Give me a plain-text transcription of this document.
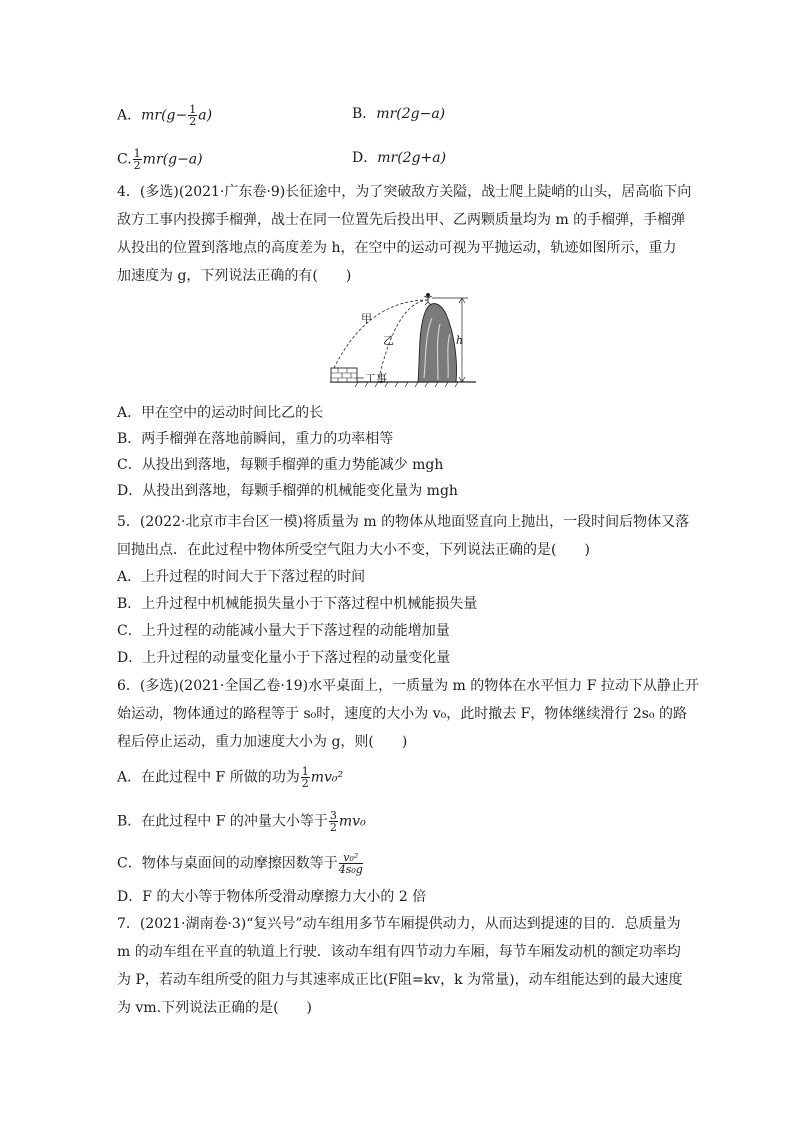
A．$mr(g- \frac{1}{2} a)$	B．mr(2g−a)
C. $\frac{1}{2} mr(g-a)$	D．mr(2g+a)
4．(多选)(2021·广东卷·9)长征途中，为了突破敌方关隘，战士爬上陡峭的山头，居高临下向
敌方工事内投掷手榴弹，战士在同一位置先后投出甲、乙两颗质量均为 m 的手榴弹，手榴弹
从投出的位置到落地点的高度差为 h，在空中的运动可视为平抛运动，轨迹如图所示，重力
加速度为 g，下列说法正确的有(　　)
h
甲
乙
工事
A．甲在空中的运动时间比乙的长
B．两手榴弹在落地前瞬间，重力的功率相等
C．从投出到落地，每颗手榴弹的重力势能减少 mgh
D．从投出到落地，每颗手榴弹的机械能变化量为 mgh
5．(2022·北京市丰台区一模)将质量为 m 的物体从地面竖直向上抛出，一段时间后物体又落
回抛出点．在此过程中物体所受空气阻力大小不变，下列说法正确的是(　　)
A．上升过程的时间大于下落过程的时间
B．上升过程中机械能损失量小于下落过程中机械能损失量
C．上升过程的动能减小量大于下落过程的动能增加量
D．上升过程的动量变化量小于下落过程的动量变化量
6．(多选)(2021·全国乙卷·19)水平桌面上，一质量为 m 的物体在水平恒力 F 拉动下从静止开
始运动，物体通过的路程等于 s₀时，速度的大小为 v₀，此时撤去 F，物体继续滑行 2s₀ 的路
程后停止运动，重力加速度大小为 g，则(　　)
A．在此过程中 F 所做的功为 $\frac{1}{2} mv_0^2$
B．在此过程中 F 的冲量大小等于 $\frac{3}{2} mv_0$
C．物体与桌面间的动摩擦因数等于 $\frac{\text{v₀²}}{\text{4s₀g}}$
D．F 的大小等于物体所受滑动摩擦力大小的 2 倍
7．(2021·湖南卷·3)“复兴号”动车组用多节车厢提供动力，从而达到提速的目的．总质量为
m 的动车组在平直的轨道上行驶．该动车组有四节动力车厢，每节车厢发动机的额定功率均
为 P，若动车组所受的阻力与其速率成正比(F阻=kv，k 为常量)，动车组能达到的最大速度
为 vm.下列说法正确的是(　　)
